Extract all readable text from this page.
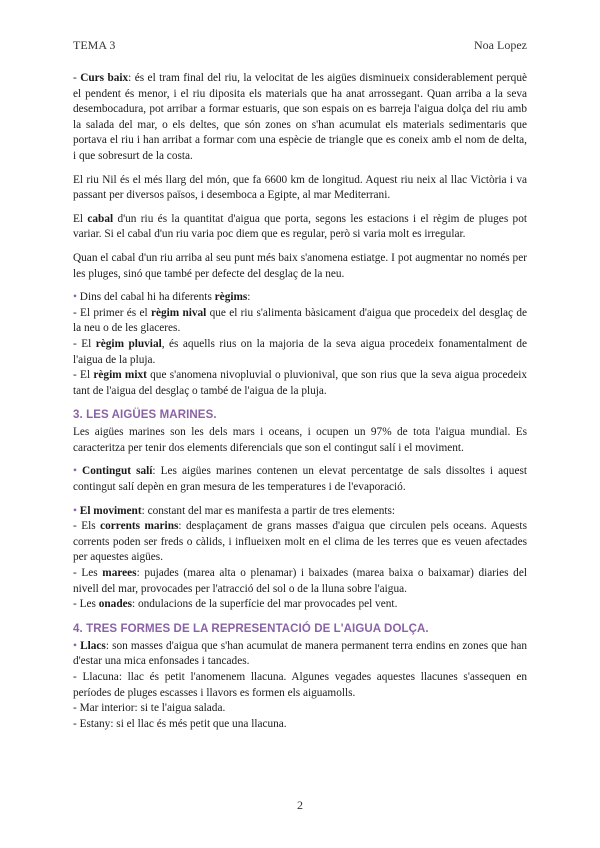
TEMA 3	Noa Lopez

- Curs baix: és el tram final del riu, la velocitat de les aigües disminueix considerablement perquè el pendent és menor, i el riu diposita els materials que ha anat arrossegant. Quan arriba a la seva desembocadura, pot arribar a formar estuaris, que son espais on es barreja l'aigua dolça del riu amb la salada del mar, o els deltes, que són zones on s'han acumulat els materials sedimentaris que portava el riu i han arribat a formar com una espècie de triangle que es coneix amb el nom de delta, i que sobresurt de la costa.

El riu Nil és el més llarg del món, que fa 6600 km de longitud. Aquest riu neix al llac Victòria i va passant per diversos països, i desemboca a Egipte, al mar Mediterrani.

El cabal d'un riu és la quantitat d'aigua que porta, segons les estacions i el règim de pluges pot variar. Si el cabal d'un riu varia poc diem que es regular, però si varia molt es irregular.

Quan el cabal d'un riu arriba al seu punt més baix s'anomena estiatge. I pot augmentar no només per les pluges, sinó que també per defecte del desglaç de la neu.

• Dins del cabal hi ha diferents règims:
- El primer és el règim nival que el riu s'alimenta bàsicament d'aigua que procedeix del desglaç de la neu o de les glaceres.
- El règim pluvial, és aquells rius on la majoria de la seva aigua procedeix fonamentalment de l'aigua de la pluja.
- El règim mixt que s'anomena nivopluvial o pluvionival, que son rius que la seva aigua procedeix tant de l'aigua del desglaç o també de l'aigua de la pluja.
3. LES AIGÜES MARINES.

Les aigües marines son les dels mars i oceans, i ocupen un 97% de tota l'aigua mundial. Es caracteritza per tenir dos elements diferencials que son el contingut salí i el moviment.

• Contingut salí: Les aigües marines contenen un elevat percentatge de sals dissoltes i aquest contingut salí depèn en gran mesura de les temperatures i de l'evaporació.

• El moviment: constant del mar es manifesta a partir de tres elements:
- Els corrents marins: desplaçament de grans masses d'aigua que circulen pels oceans. Aquests corrents poden ser freds o càlids, i influeixen molt en el clima de les terres que es veuen afectades per aquestes aigües.
- Les marees: pujades (marea alta o plenamar) i baixades (marea baixa o baixamar) diaries del nivell del mar, provocades per l'atracció del sol o de la lluna sobre l'aigua.
- Les onades: ondulacions de la superfície del mar provocades pel vent.
4. TRES FORMES DE LA REPRESENTACIÓ DE L'AIGUA DOLÇA.
• Llacs: son masses d'aigua que s'han acumulat de manera permanent terra endins en zones que han d'estar una mica enfonsades i tancades.
- Llacuna: llac és petit l'anomenem llacuna. Algunes vegades aquestes llacunes s'assequen en períodes de pluges escasses i llavors es formen els aiguamolls.
- Mar interior: si te l'aigua salada.
- Estany: si el llac és més petit que una llacuna.
2
